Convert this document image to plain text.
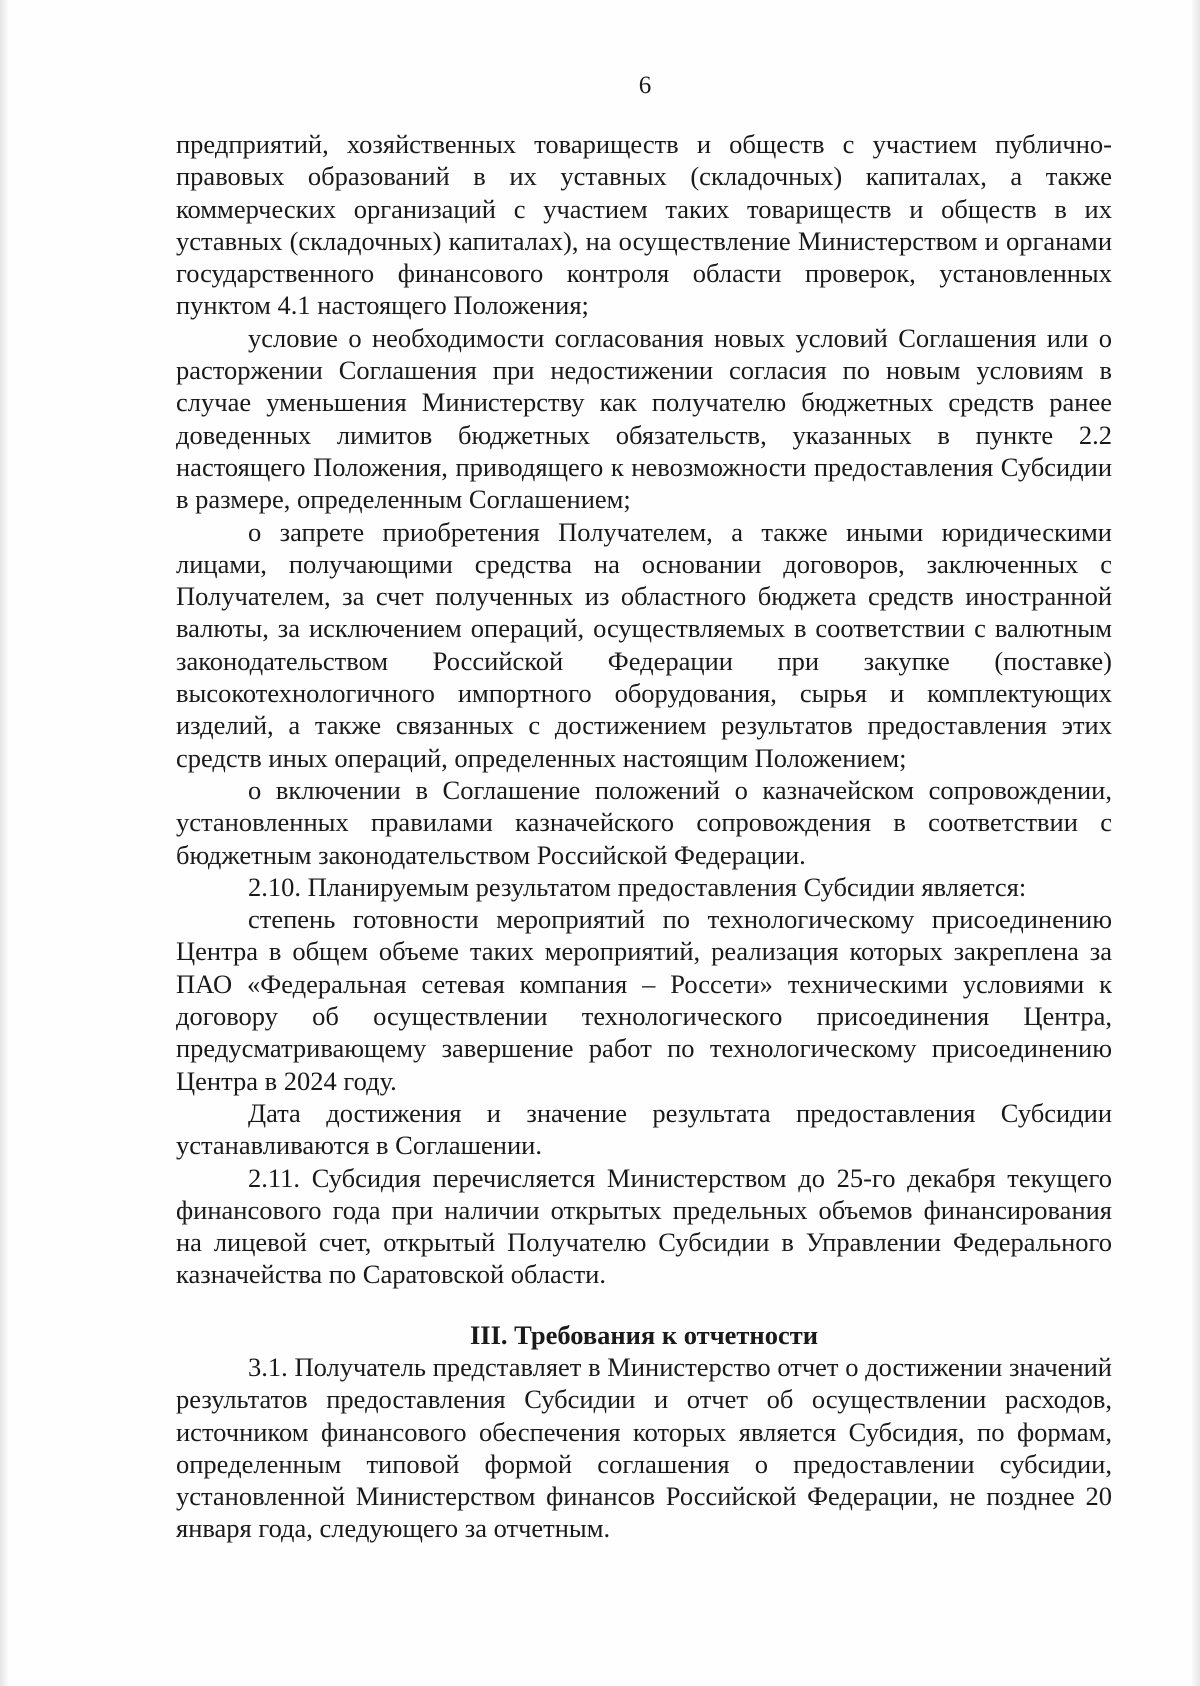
6

предприятий, хозяйственных товариществ и обществ с участием публично-правовых образований в их уставных (складочных) капиталах, а также коммерческих организаций с участием таких товариществ и обществ в их уставных (складочных) капиталах), на осуществление Министерством и органами государственного финансового контроля области проверок, установленных пунктом 4.1 настоящего Положения;

условие о необходимости согласования новых условий Соглашения или о расторжении Соглашения при недостижении согласия по новым условиям в случае уменьшения Министерству как получателю бюджетных средств ранее доведенных лимитов бюджетных обязательств, указанных в пункте 2.2 настоящего Положения, приводящего к невозможности предоставления Субсидии в размере, определенным Соглашением;

о запрете приобретения Получателем, а также иными юридическими лицами, получающими средства на основании договоров, заключенных с Получателем, за счет полученных из областного бюджета средств иностранной валюты, за исключением операций, осуществляемых в соответствии с валютным законодательством Российской Федерации при закупке (поставке) высокотехнологичного импортного оборудования, сырья и комплектующих изделий, а также связанных с достижением результатов предоставления этих средств иных операций, определенных настоящим Положением;

о включении в Соглашение положений о казначейском сопровождении, установленных правилами казначейского сопровождения в соответствии с бюджетным законодательством Российской Федерации.

2.10. Планируемым результатом предоставления Субсидии является:

степень готовности мероприятий по технологическому присоединению Центра в общем объеме таких мероприятий, реализация которых закреплена за ПАО «Федеральная сетевая компания – Россети» техническими условиями к договору об осуществлении технологического присоединения Центра, предусматривающему завершение работ по технологическому присоединению Центра в 2024 году.

Дата достижения и значение результата предоставления Субсидии устанавливаются в Соглашении.

2.11. Субсидия перечисляется Министерством до 25-го декабря текущего финансового года при наличии открытых предельных объемов финансирования на лицевой счет, открытый Получателю Субсидии в Управлении Федерального казначейства по Саратовской области.

III. Требования к отчетности

3.1. Получатель представляет в Министерство отчет о достижении значений результатов предоставления Субсидии и отчет об осуществлении расходов, источником финансового обеспечения которых является Субсидия, по формам, определенным типовой формой соглашения о предоставлении субсидии, установленной Министерством финансов Российской Федерации, не позднее 20 января года, следующего за отчетным.
